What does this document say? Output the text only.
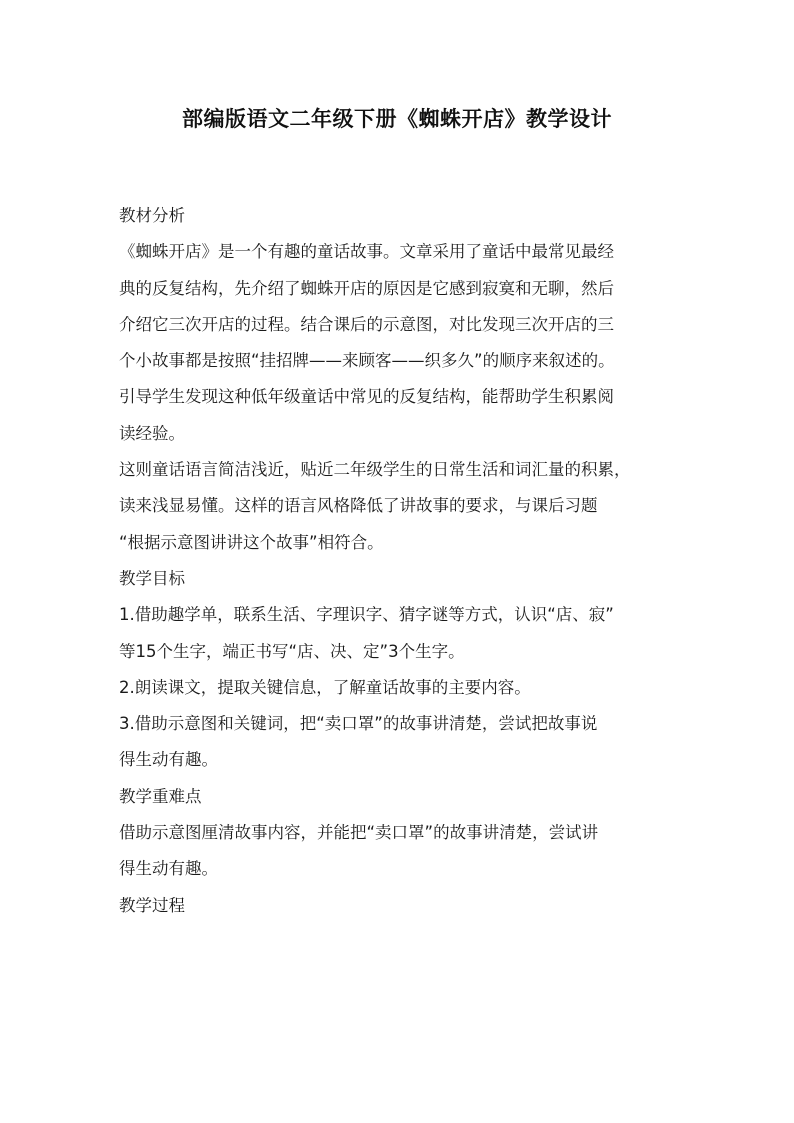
部编版语文二年级下册《蜘蛛开店》教学设计
教材分析
《蜘蛛开店》是一个有趣的童话故事。文章采用了童话中最常见最经
典的反复结构，先介绍了蜘蛛开店的原因是它感到寂寞和无聊，然后
介绍它三次开店的过程。结合课后的示意图，对比发现三次开店的三
个小故事都是按照“挂招牌——来顾客——织多久”的顺序来叙述的。
引导学生发现这种低年级童话中常见的反复结构，能帮助学生积累阅
读经验。
这则童话语言简洁浅近，贴近二年级学生的日常生活和词汇量的积累，
读来浅显易懂。这样的语言风格降低了讲故事的要求，与课后习题
“根据示意图讲讲这个故事”相符合。
教学目标
1.借助趣学单，联系生活、字理识字、猜字谜等方式，认识“店、寂”
等15个生字，端正书写“店、决、定”3个生字。
2.朗读课文，提取关键信息，了解童话故事的主要内容。
3.借助示意图和关键词，把“卖口罩”的故事讲清楚，尝试把故事说
得生动有趣。
教学重难点
借助示意图厘清故事内容，并能把“卖口罩”的故事讲清楚，尝试讲
得生动有趣。
教学过程
